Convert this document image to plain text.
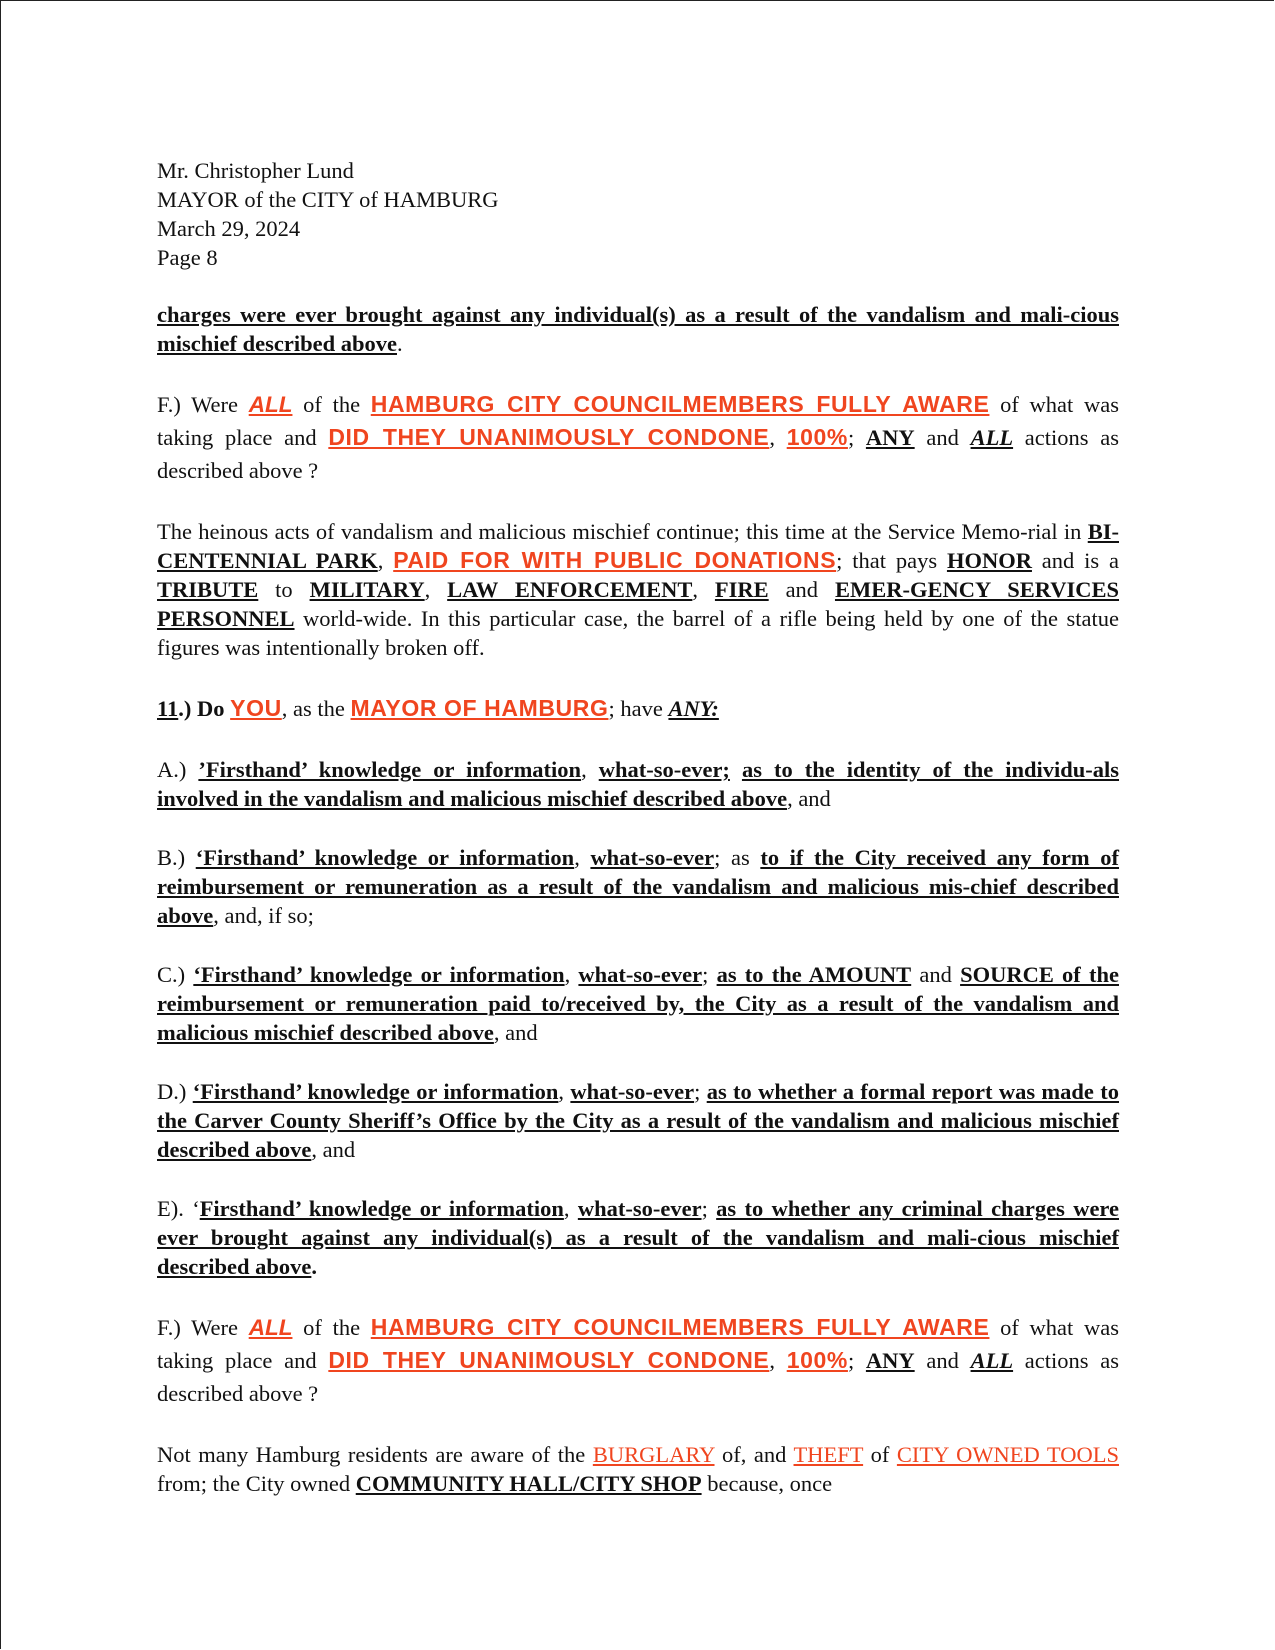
Mr. Christopher Lund
MAYOR of the CITY of HAMBURG
March 29, 2024
Page 8

charges were ever brought against any individual(s) as a result of the vandalism and mali-cious mischief described above.

F.) Were ALL of the HAMBURG CITY COUNCILMEMBERS FULLY AWARE of what was taking place and DID THEY UNANIMOUSLY CONDONE, 100%; ANY and ALL actions as described above ?

The heinous acts of vandalism and malicious mischief continue; this time at the Service Memo-rial in BI-CENTENNIAL PARK, PAID FOR WITH PUBLIC DONATIONS; that pays HONOR and is a TRIBUTE to MILITARY, LAW ENFORCEMENT, FIRE and EMER-GENCY SERVICES PERSONNEL world-wide. In this particular case, the barrel of a rifle being held by one of the statue figures was intentionally broken off.

11.) Do YOU, as the MAYOR OF HAMBURG; have ANY:

A.) ’Firsthand’ knowledge or information, what-so-ever; as to the identity of the individu-als involved in the vandalism and malicious mischief described above, and

B.) ‘Firsthand’ knowledge or information, what-so-ever; as to if the City received any form of reimbursement or remuneration as a result of the vandalism and malicious mis-chief described above, and, if so;

C.) ‘Firsthand’ knowledge or information, what-so-ever; as to the AMOUNT and SOURCE of the reimbursement or remuneration paid to/received by, the City as a result of the vandalism and malicious mischief described above, and

D.) ‘Firsthand’ knowledge or information, what-so-ever; as to whether a formal report was made to the Carver County Sheriff’s Office by the City as a result of the vandalism and malicious mischief described above, and

E). ‘Firsthand’ knowledge or information, what-so-ever; as to whether any criminal charges were ever brought against any individual(s) as a result of the vandalism and mali-cious mischief described above.

F.) Were ALL of the HAMBURG CITY COUNCILMEMBERS FULLY AWARE of what was taking place and DID THEY UNANIMOUSLY CONDONE, 100%; ANY and ALL actions as described above ?

Not many Hamburg residents are aware of the BURGLARY of, and THEFT of CITY OWNED TOOLS from; the City owned COMMUNITY HALL/CITY SHOP because, once
